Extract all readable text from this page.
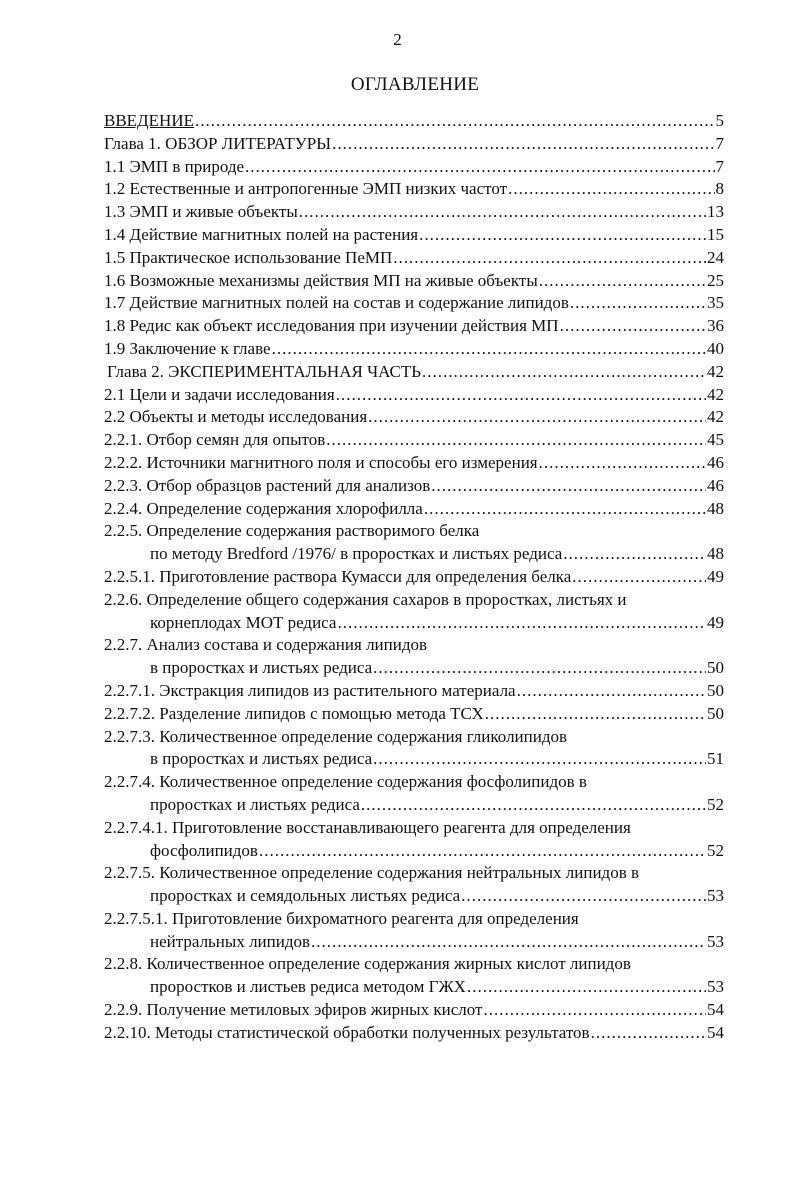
2
ОГЛАВЛЕНИЕ
ВВЕДЕНИЕ .....	5
Глава 1. ОБЗОР ЛИТЕРАТУРЫ .....	7
1.1 ЭМП в природе .....	7
1.2 Естественные и антропогенные ЭМП низких частот .....	8
1.3 ЭМП и живые объекты .....	13
1.4 Действие магнитных полей на растения .....	15
1.5 Практическое использование ПеМП .....	24
1.6 Возможные механизмы действия МП на живые объекты .....	25
1.7 Действие магнитных полей на состав и содержание липидов .....	35
1.8 Редис как объект исследования при изучении действия МП .....	36
1.9 Заключение к главе .....	40
Глава 2. ЭКСПЕРИМЕНТАЛЬНАЯ ЧАСТЬ .....	42
2.1 Цели и задачи исследования .....	42
2.2 Объекты и методы исследования .....	42
2.2.1. Отбор семян для опытов .....	45
2.2.2. Источники магнитного поля и способы его измерения .....	46
2.2.3. Отбор образцов растений для анализов .....	46
2.2.4. Определение содержания хлорофилла .....	48
2.2.5. Определение содержания растворимого белка
по методу Bredford /1976/ в проростках и листьях редиса .....	48
2.2.5.1. Приготовление раствора Кумасси для определения белка .....	49
2.2.6. Определение общего содержания сахаров в проростках, листьях и
корнеплодах МОТ редиса .....	49
2.2.7. Анализ состава и содержания липидов
в проростках и листьях редиса .....	50
2.2.7.1. Экстракция липидов из растительного материала .....	50
2.2.7.2. Разделение липидов с помощью метода ТСХ .....	50
2.2.7.3. Количественное определение содержания гликолипидов
в проростках и листьях редиса .....	51
2.2.7.4. Количественное определение содержания фосфолипидов в
проростках и листьях редиса .....	52
2.2.7.4.1. Приготовление восстанавливающего реагента для определения
фосфолипидов .....	52
2.2.7.5. Количественное определение содержания нейтральных липидов в
проростках и семядольных листьях редиса .....	53
2.2.7.5.1. Приготовление бихроматного реагента для определения
нейтральных липидов .....	53
2.2.8. Количественное определение содержания жирных кислот липидов
проростков и листьев редиса методом ГЖХ .....	53
2.2.9. Получение метиловых эфиров жирных кислот .....	54
2.2.10. Методы статистической обработки полученных результатов .....	54
